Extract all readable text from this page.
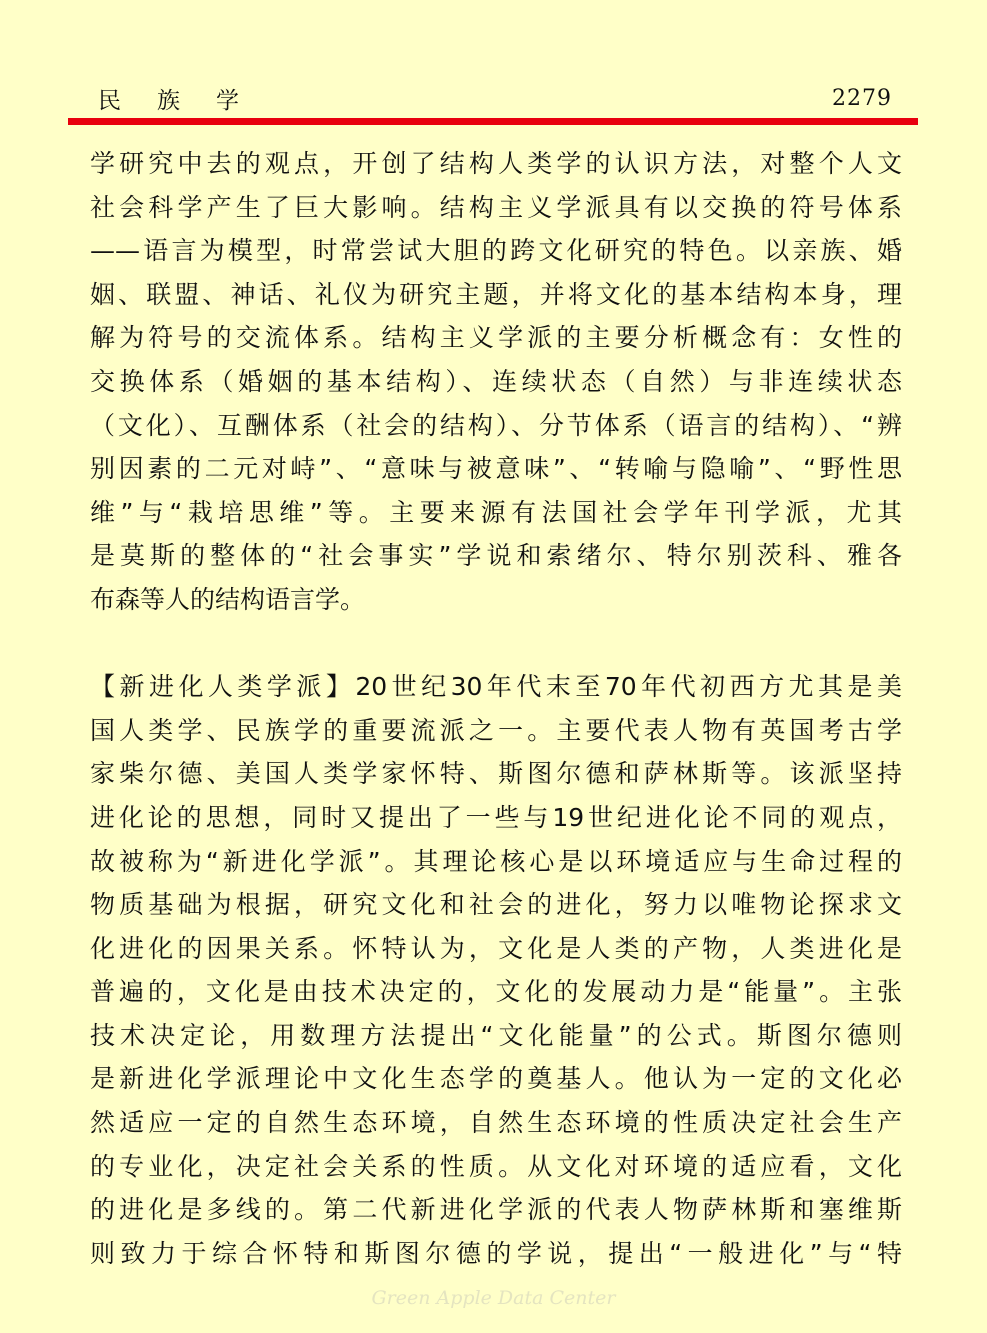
民族学	2279
学研究中去的观点，开创了结构人类学的认识方法，对整个人文
社会科学产生了巨大影响。结构主义学派具有以交换的符号体系
——语言为模型，时常尝试大胆的跨文化研究的特色。以亲族、婚
姻、联盟、神话、礼仪为研究主题，并将文化的基本结构本身，理
解为符号的交流体系。结构主义学派的主要分析概念有：女性的
交换体系（婚姻的基本结构）、连续状态（自然）与非连续状态
（文化）、互酬体系（社会的结构）、分节体系（语言的结构）、“辨
别因素的二元对峙”、“意味与被意味”、“转喻与隐喻”、“野性思
维”与“栽培思维”等。主要来源有法国社会学年刊学派，尤其
是莫斯的整体的“社会事实”学说和索绪尔、特尔别茨科、雅各
布森等人的结构语言学。
【新进化人类学派】20世纪30年代末至70年代初西方尤其是美
国人类学、民族学的重要流派之一。主要代表人物有英国考古学
家柴尔德、美国人类学家怀特、斯图尔德和萨林斯等。该派坚持
进化论的思想，同时又提出了一些与19世纪进化论不同的观点，
故被称为“新进化学派”。其理论核心是以环境适应与生命过程的
物质基础为根据，研究文化和社会的进化，努力以唯物论探求文
化进化的因果关系。怀特认为，文化是人类的产物，人类进化是
普遍的，文化是由技术决定的，文化的发展动力是“能量”。主张
技术决定论，用数理方法提出“文化能量”的公式。斯图尔德则
是新进化学派理论中文化生态学的奠基人。他认为一定的文化必
然适应一定的自然生态环境，自然生态环境的性质决定社会生产
的专业化，决定社会关系的性质。从文化对环境的适应看，文化
的进化是多线的。第二代新进化学派的代表人物萨林斯和塞维斯
则致力于综合怀特和斯图尔德的学说，提出“一般进化”与“特
Green Apple Data Center
